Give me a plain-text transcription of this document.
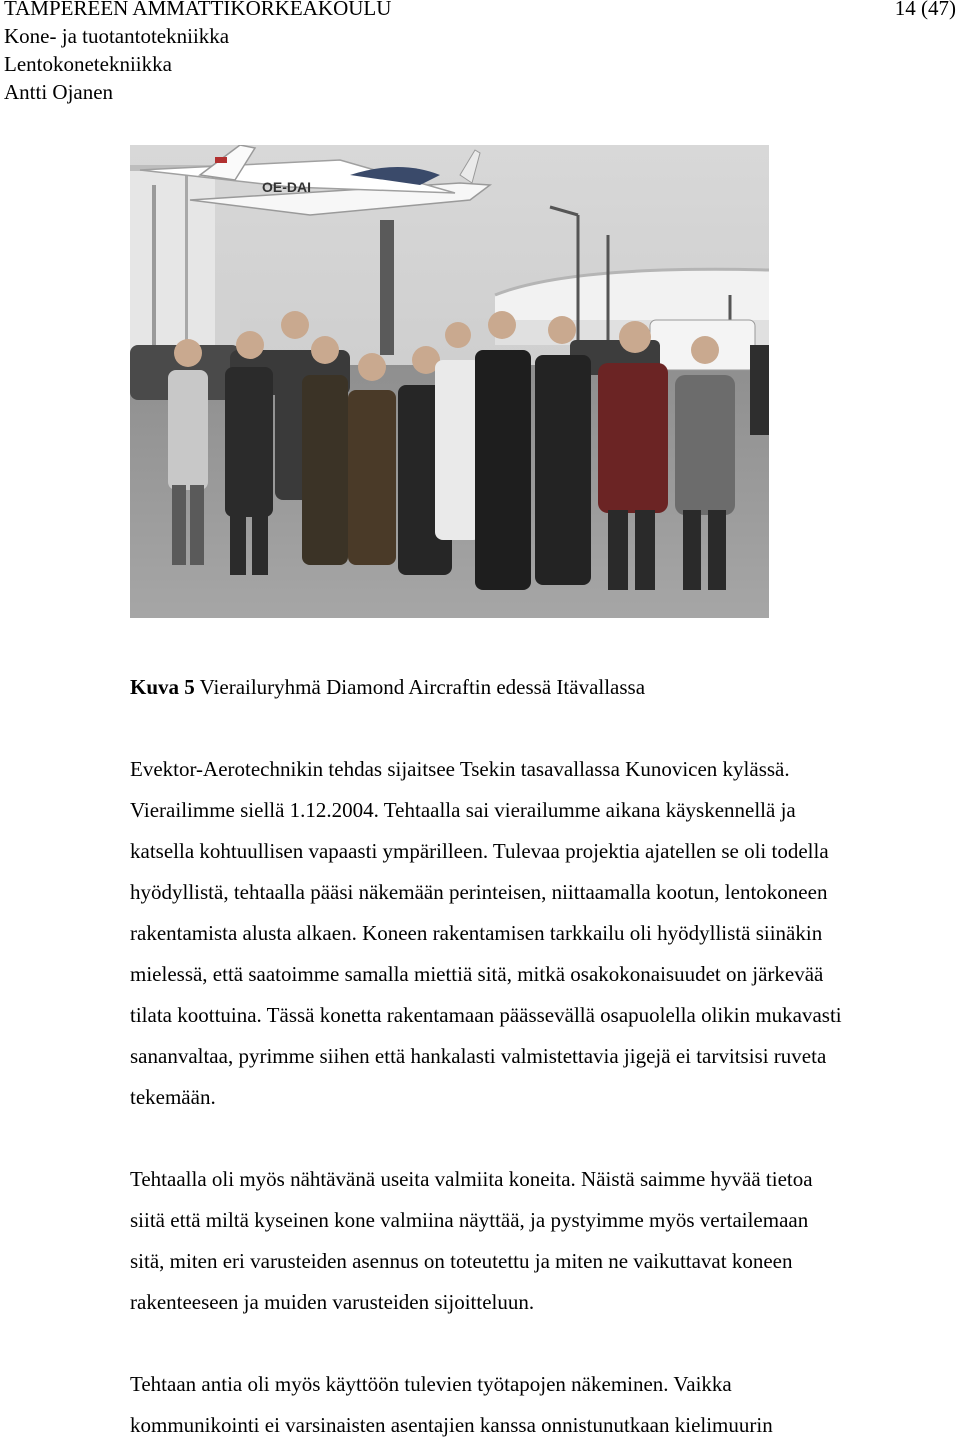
TAMPEREEN AMMATTIKORKEAKOULU
Kone- ja tuotantotekniikka
Lentokonetekniikka
Antti Ojanen
14 (47)
OE-DAI
Kuva 5 Vierailuryhmä Diamond Aircraftin edessä Itävallassa
Evektor-Aerotechnikin tehdas sijaitsee Tsekin tasavallassa Kunovicen kylässä.
Vierailimme siellä 1.12.2004. Tehtaalla sai vierailumme aikana käyskennellä ja
katsella kohtuullisen vapaasti ympärilleen. Tulevaa projektia ajatellen se oli todella
hyödyllistä, tehtaalla pääsi näkemään perinteisen, niittaamalla kootun, lentokoneen
rakentamista alusta alkaen. Koneen rakentamisen tarkkailu oli hyödyllistä siinäkin
mielessä, että saatoimme samalla miettiä sitä, mitkä osakokonaisuudet on järkevää
tilata koottuina. Tässä konetta rakentamaan päässevällä osapuolella olikin mukavasti
sananvaltaa, pyrimme siihen että hankalasti valmistettavia jigejä ei tarvitsisi ruveta
tekemään.
Tehtaalla oli myös nähtävänä useita valmiita koneita. Näistä saimme hyvää tietoa
siitä että miltä kyseinen kone valmiina näyttää, ja pystyimme myös vertailemaan
sitä, miten eri varusteiden asennus on toteutettu ja miten ne vaikuttavat koneen
rakenteeseen ja muiden varusteiden sijoitteluun.
Tehtaan antia oli myös käyttöön tulevien työtapojen näkeminen. Vaikka
kommunikointi ei varsinaisten asentajien kanssa onnistunutkaan kielimuurin
